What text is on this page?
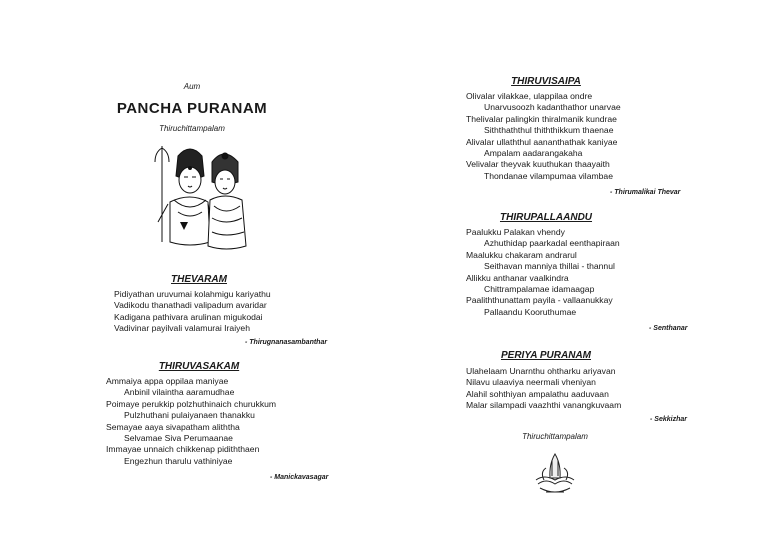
Aum
PANCHA PURANAM
Thiruchittampalam
THEVARAM
Pidiyathan uruvumai kolahmigu kariyathu
Vadikodu thanathadi valipadum avaridar
Kadigana pathivara arulinan migukodai
Vadivinar payilvali valamurai Iraiyeh
- Thirugnanasambanthar
THIRUVASAKAM
Ammaiya appa oppilaa maniyae
Anbinil vilaintha aaramudhae
Poimaye perukkip polzhuthinaich churukkum
Pulzhuthani pulaiyanaen thanakku
Semayae aaya sivapatham aliththa
Selvamae Siva Perumaanae
Immayae unnaich chikkenap pidiththaen
Engezhun tharulu vathiniyae
- Manickavasagar
THIRUVISAIPA
Olivalar vilakkae, ulappilaa ondre
Unarvusoozh kadanthathor unarvae
Thelivalar palingkin thiralmanik kundrae
Siththaththul thiththikkum thaenae
Alivalar ullaththul aananthathak kaniyae
Ampalam aadarangakaha
Velivalar theyvak kuuthukan thaayaith
Thondanae vilampumaa vilambae
- Thirumalikai Thevar
THIRUPALLAANDU
Paalukku Palakan vhendy
Azhuthidap paarkadal eenthapiraan
Maalukku chakaram andrarul
Seithavan manniya thillai - thannul
Allikku anthanar vaalkindra
Chittrampalamae idamaagap
Paaliththunattam payila - vallaanukkay
Pallaandu Kooruthumae
- Senthanar
PERIYA PURANAM
Ulahelaam Unarnthu ohtharku ariyavan
Nilavu ulaaviya neermali vheniyan
Alahil sohthiyan ampalathu aaduvaan
Malar silampadi vaazhthi vanangkuvaam
- Sekkizhar
Thiruchittampalam
